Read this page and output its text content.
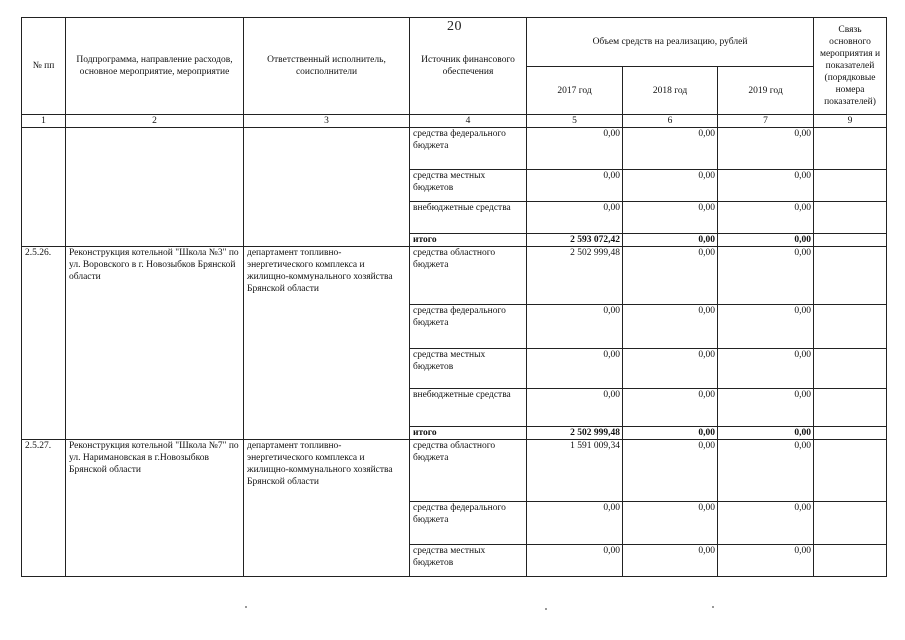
20
№ пп	Подпрограмма, направление расходов, основное мероприятие, мероприятие	Ответственный исполнитель, соисполнители	Источник финансового обеспечения	Объем средств на реализацию, рублей			Связь основного мероприятия и показателей (порядковые номера показателей)
				2017 год	2018 год	2019 год	
1	2	3	4	5	6	7	9
			средства федерального бюджета	0,00	0,00	0,00	
			средства местных бюджетов	0,00	0,00	0,00	
			внебюджетные средства	0,00	0,00	0,00	
			итого	2 593 072,42	0,00	0,00	
2.5.26.	Реконструкция котельной "Школа №3" по ул. Воровского в г. Новозыбков Брянской области	департамент топливно-энергетического комплекса и жилищно-коммунального хозяйства Брянской области	средства областного бюджета	2 502 999,48	0,00	0,00	
			средства федерального бюджета	0,00	0,00	0,00	
			средства местных бюджетов	0,00	0,00	0,00	
			внебюджетные средства	0,00	0,00	0,00	
			итого	2 502 999,48	0,00	0,00	
2.5.27.	Реконструкция котельной "Школа №7" по ул. Наримановская в г.Новозыбков Брянской области	департамент топливно-энергетического комплекса и жилищно-коммунального хозяйства Брянской области	средства областного бюджета	1 591 009,34	0,00	0,00	
			средства федерального бюджета	0,00	0,00	0,00	
			средства местных бюджетов	0,00	0,00	0,00	
